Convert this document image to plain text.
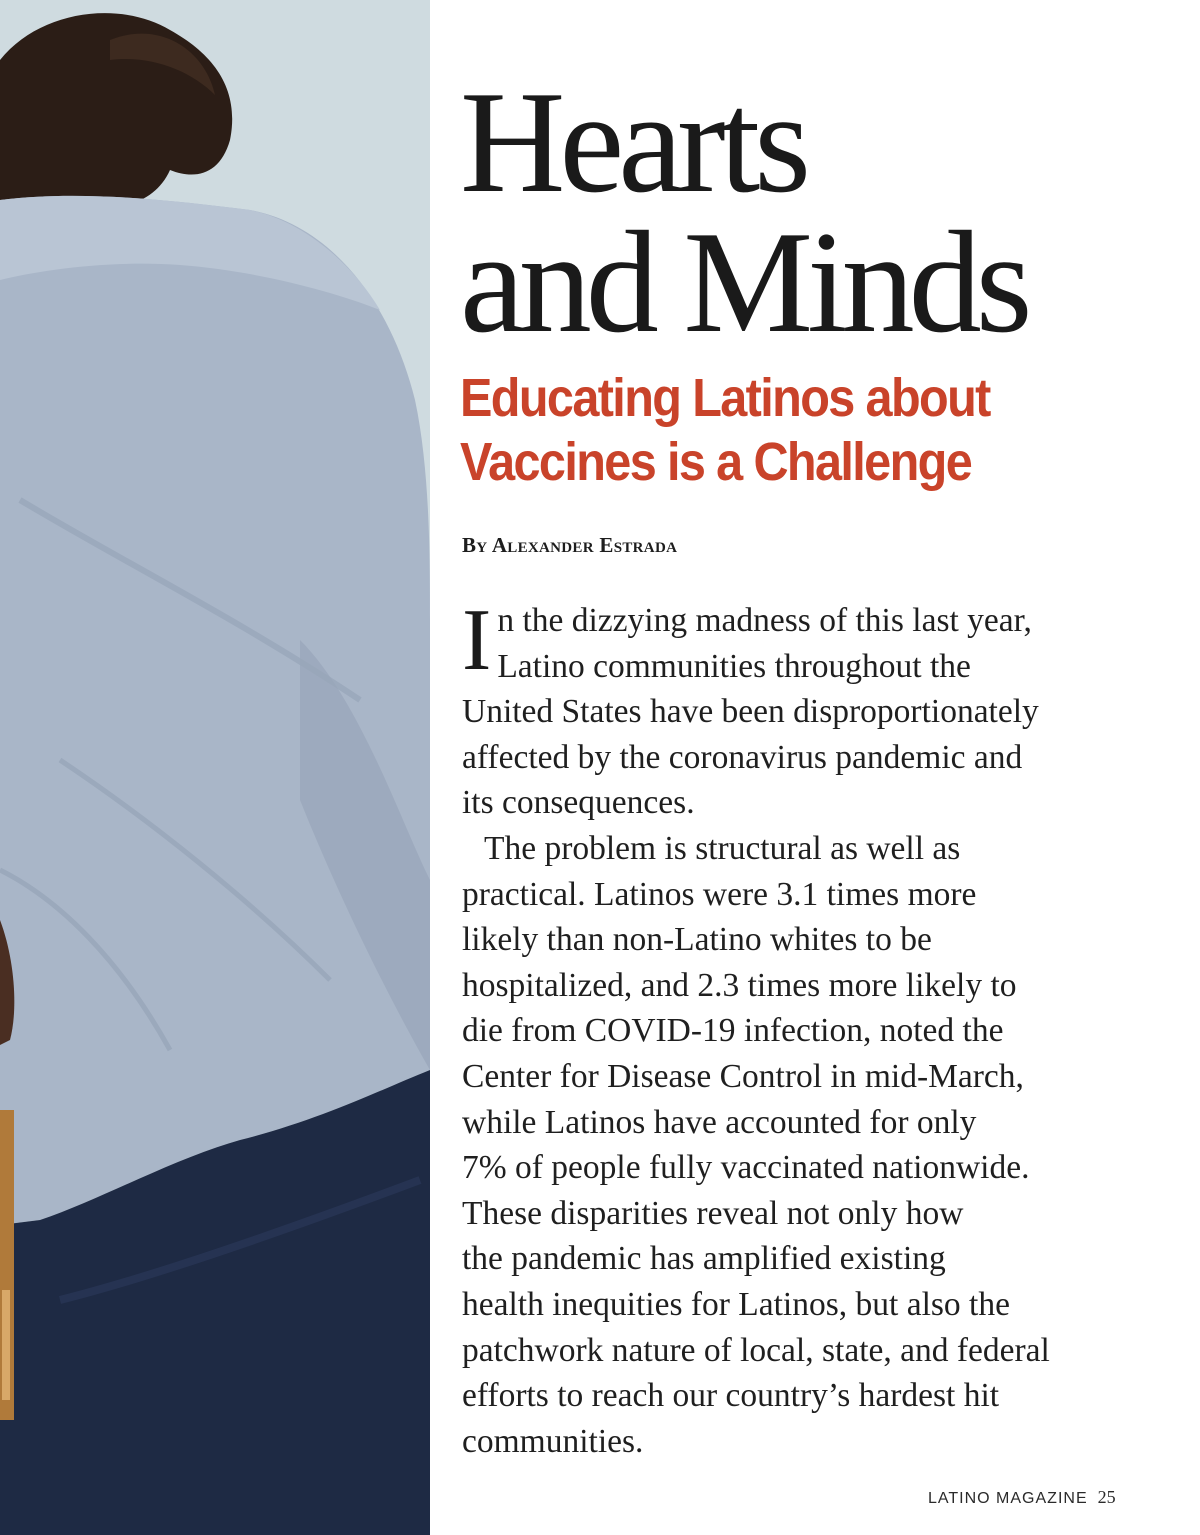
Hearts
and Minds
Educating Latinos about
Vaccines is a Challenge
By Alexander Estrada
I n the dizzying madness of this last year,
Latino communities throughout the
United States have been disproportionately
affected by the coronavirus pandemic and
its consequences.
The problem is structural as well as
practical. Latinos were 3.1 times more
likely than non-Latino whites to be
hospitalized, and 2.3 times more likely to
die from COVID-19 infection, noted the
Center for Disease Control in mid-March,
while Latinos have accounted for only
7% of people fully vaccinated nationwide.
These disparities reveal not only how
the pandemic has amplified existing
health inequities for Latinos, but also the
patchwork nature of local, state, and federal
efforts to reach our country’s hardest hit
communities.
LATINO MAGAZINE 25
